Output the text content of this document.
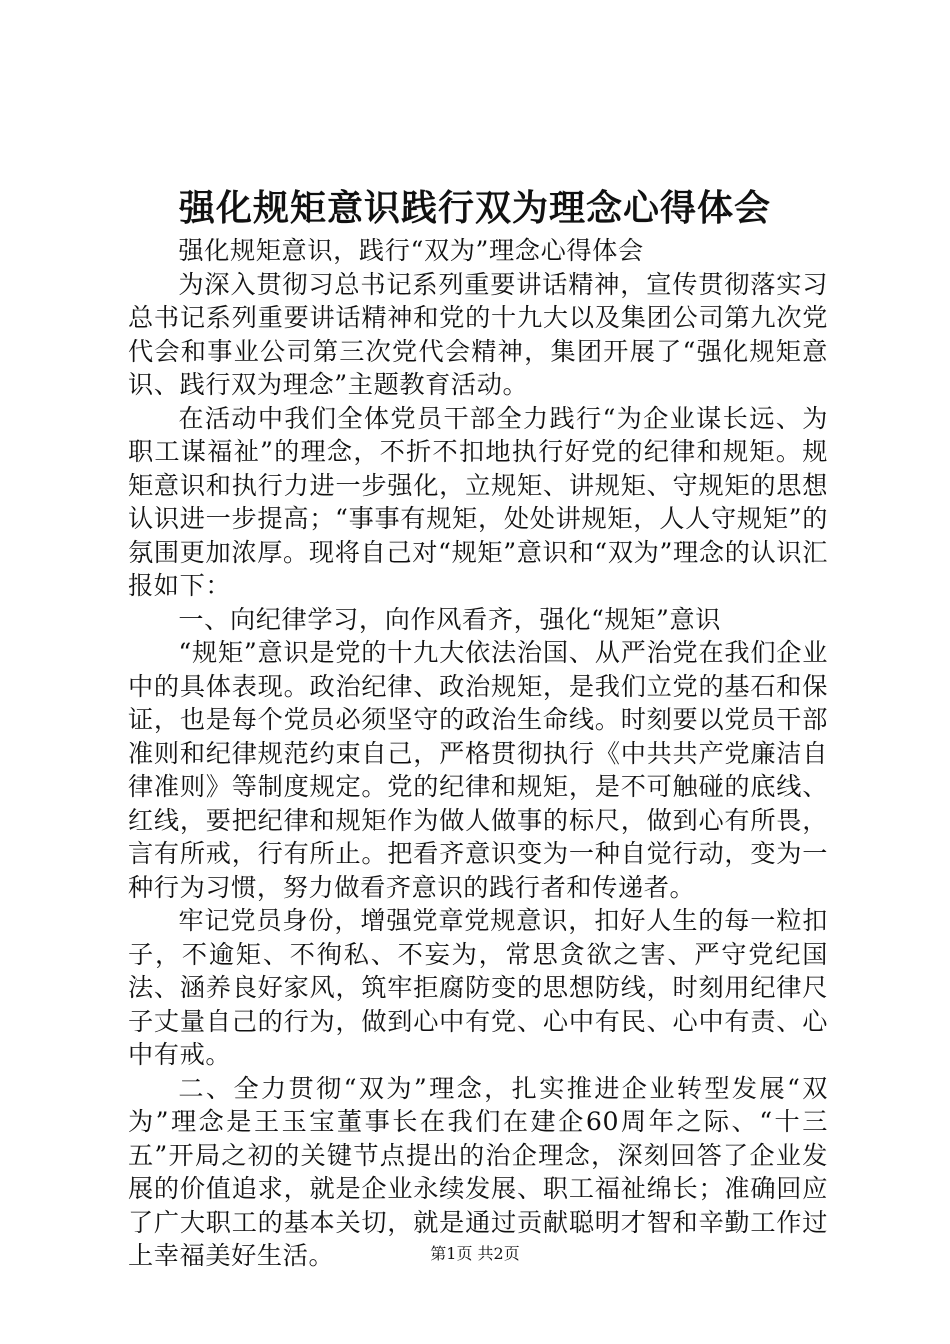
强化规矩意识践行双为理念心得体会

强化规矩意识，践行“双为”理念心得体会

为深入贯彻习总书记系列重要讲话精神，宣传贯彻落实习总书记系列重要讲话精神和党的十九大以及集团公司第九次党代会和事业公司第三次党代会精神，集团开展了“强化规矩意识、践行双为理念”主题教育活动。

在活动中我们全体党员干部全力践行“为企业谋长远、为职工谋福祉”的理念，不折不扣地执行好党的纪律和规矩。规矩意识和执行力进一步强化，立规矩、讲规矩、守规矩的思想认识进一步提高；“事事有规矩，处处讲规矩，人人守规矩”的氛围更加浓厚。现将自己对“规矩”意识和“双为”理念的认识汇报如下：

一、向纪律学习，向作风看齐，强化“规矩”意识

“规矩”意识是党的十九大依法治国、从严治党在我们企业中的具体表现。政治纪律、政治规矩，是我们立党的基石和保证，也是每个党员必须坚守的政治生命线。时刻要以党员干部准则和纪律规范约束自己，严格贯彻执行《中共共产党廉洁自律准则》等制度规定。党的纪律和规矩，是不可触碰的底线、红线，要把纪律和规矩作为做人做事的标尺，做到心有所畏，言有所戒，行有所止。把看齐意识变为一种自觉行动，变为一种行为习惯，努力做看齐意识的践行者和传递者。

牢记党员身份，增强党章党规意识，扣好人生的每一粒扣子，不逾矩、不徇私、不妄为，常思贪欲之害、严守党纪国法、涵养良好家风，筑牢拒腐防变的思想防线，时刻用纪律尺子丈量自己的行为，做到心中有党、心中有民、心中有责、心中有戒。

二、全力贯彻“双为”理念，扎实推进企业转型发展“双为”理念是王玉宝董事长在我们在建企60周年之际、“十三五”开局之初的关键节点提出的治企理念，深刻回答了企业发展的价值追求，就是企业永续发展、职工福祉绵长；准确回应了广大职工的基本关切，就是通过贡献聪明才智和辛勤工作过上幸福美好生活。	第1页 共2页
